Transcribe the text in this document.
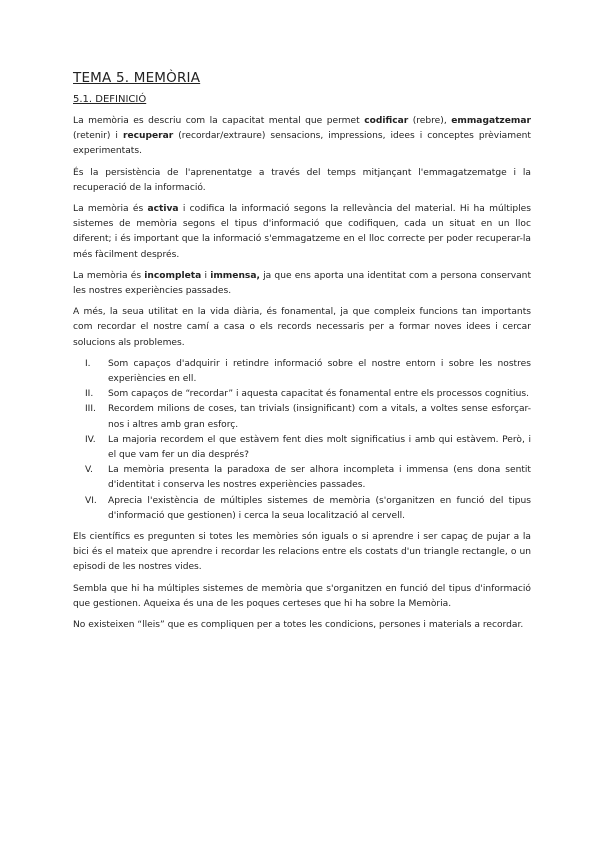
TEMA 5. MEMÒRIA
5.1. DEFINICIÓ

La memòria es descriu com la capacitat mental que permet codificar (rebre), emmagatzemar (retenir) i recuperar (recordar/extraure) sensacions, impressions, idees i conceptes prèviament experimentats.

És la persistència de l'aprenentatge a través del temps mitjançant l'emmagatzematge i la recuperació de la informació.

La memòria és activa i codifica la informació segons la rellevància del material. Hi ha múltiples sistemes de memòria segons el tipus d'informació que codifiquen, cada un situat en un lloc diferent; i és important que la informació s'emmagatzeme en el lloc correcte per poder recuperar-la més fàcilment després.

La memòria és incompleta i immensa, ja que ens aporta una identitat com a persona conservant les nostres experiències passades.

A més, la seua utilitat en la vida diària, és fonamental, ja que compleix funcions tan importants com recordar el nostre camí a casa o els records necessaris per a formar noves idees i cercar solucions als problemes.

I.	Som capaços d'adquirir i retindre informació sobre el nostre entorn i sobre les nostres experiències en ell.
II.	Som capaços de “recordar” i aquesta capacitat és fonamental entre els processos cognitius.
III.	Recordem milions de coses, tan trivials (insignificant) com a vitals, a voltes sense esforçar-nos i altres amb gran esforç.
IV.	La majoria recordem el que estàvem fent dies molt significatius i amb qui estàvem. Però, i el que vam fer un dia després?
V.	La memòria presenta la paradoxa de ser alhora incompleta i immensa (ens dona sentit d'identitat i conserva les nostres experiències passades.
VI.	Aprecia l'existència de múltiples sistemes de memòria (s'organitzen en funció del tipus d'informació que gestionen) i cerca la seua localització al cervell.

Els científics es pregunten si totes les memòries són iguals o si aprendre i ser capaç de pujar a la bici és el mateix que aprendre i recordar les relacions entre els costats d'un triangle rectangle, o un episodi de les nostres vides.

Sembla que hi ha múltiples sistemes de memòria que s'organitzen en funció del tipus d'informació que gestionen. Aqueixa és una de les poques certeses que hi ha sobre la Memòria.

No existeixen “lleis” que es compliquen per a totes les condicions, persones i materials a recordar.
